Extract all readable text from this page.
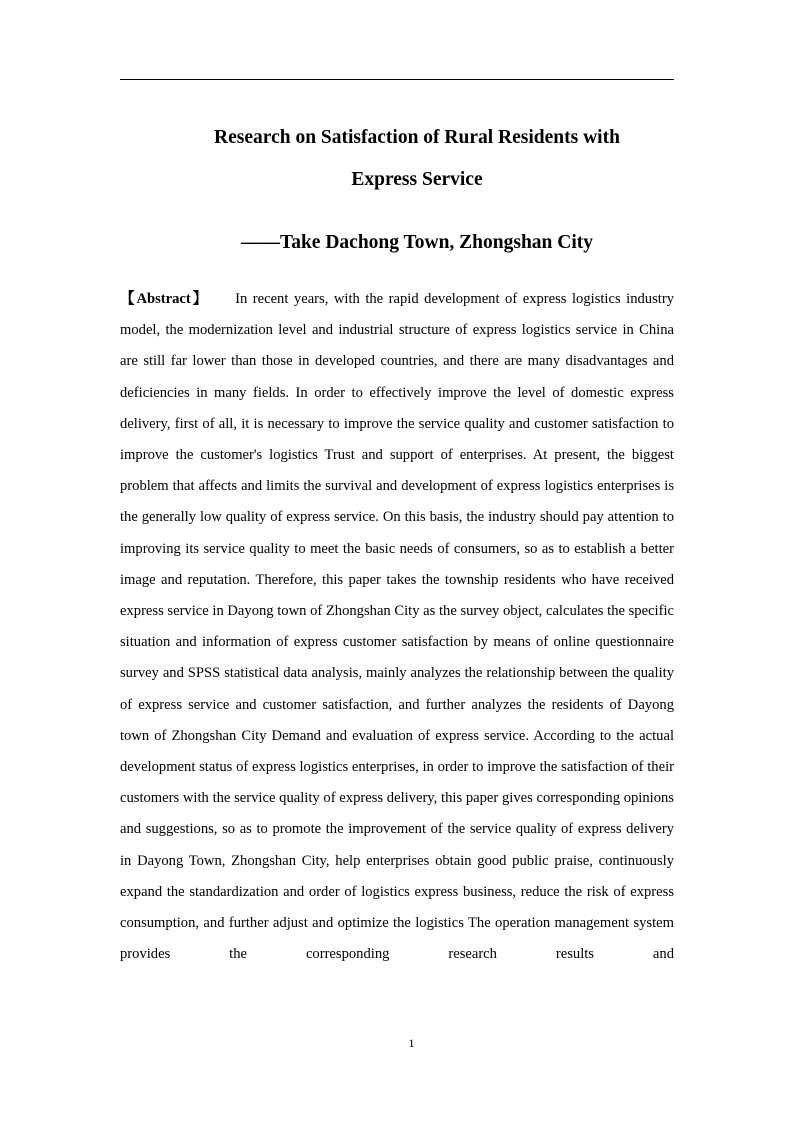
Research on Satisfaction of Rural Residents with
Express Service
——Take Dachong Town, Zhongshan City

【Abstract】 In recent years, with the rapid development of express logistics industry model, the modernization level and industrial structure of express logistics service in China are still far lower than those in developed countries, and there are many disadvantages and deficiencies in many fields. In order to effectively improve the level of domestic express delivery, first of all, it is necessary to improve the service quality and customer satisfaction to improve the customer's logistics Trust and support of enterprises. At present, the biggest problem that affects and limits the survival and development of express logistics enterprises is the generally low quality of express service. On this basis, the industry should pay attention to improving its service quality to meet the basic needs of consumers, so as to establish a better image and reputation. Therefore, this paper takes the township residents who have received express service in Dayong town of Zhongshan City as the survey object, calculates the specific situation and information of express customer satisfaction by means of online questionnaire survey and SPSS statistical data analysis, mainly analyzes the relationship between the quality of express service and customer satisfaction, and further analyzes the residents of Dayong town of Zhongshan City Demand and evaluation of express service. According to the actual development status of express logistics enterprises, in order to improve the satisfaction of their customers with the service quality of express delivery, this paper gives corresponding opinions and suggestions, so as to promote the improvement of the service quality of express delivery in Dayong Town, Zhongshan City, help enterprises obtain good public praise, continuously expand the standardization and order of logistics express business, reduce the risk of express consumption, and further adjust and optimize the logistics The operation management system provides the corresponding research results and

1
